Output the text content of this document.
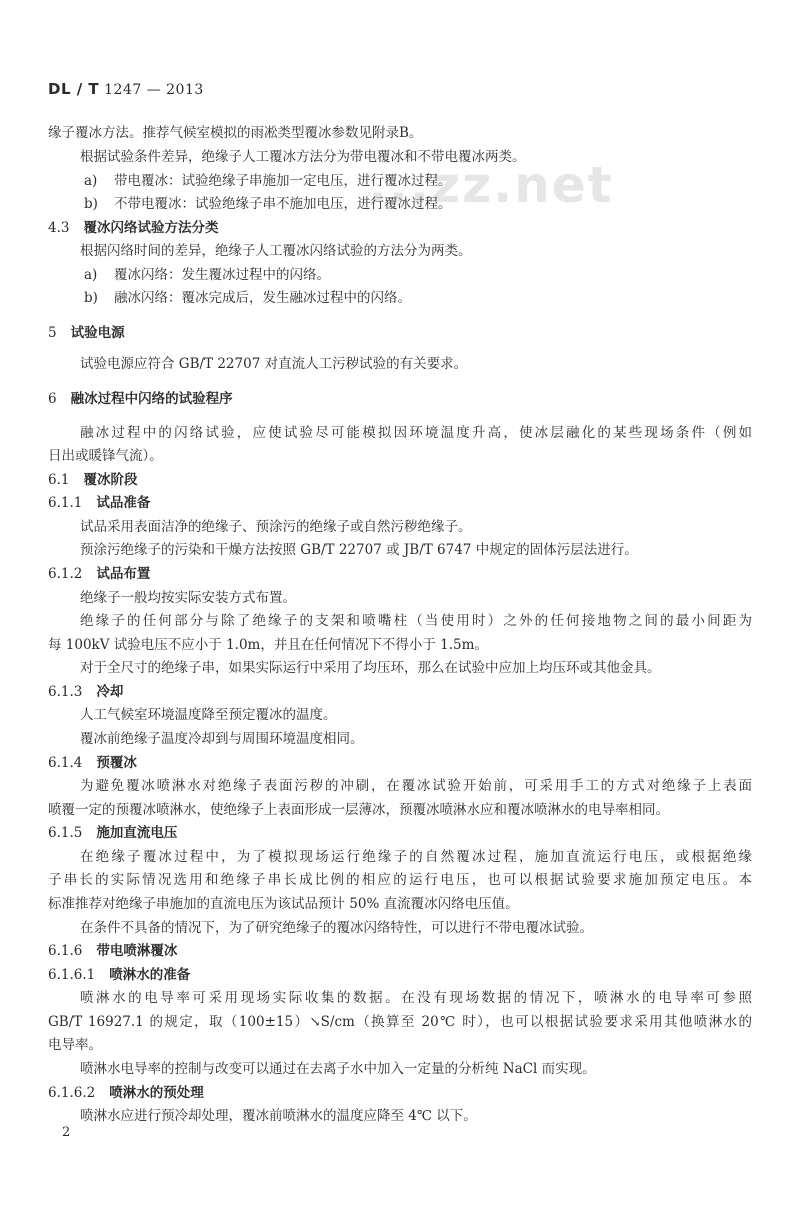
DL / T 1247 — 2013
...zz.net
缘子覆冰方法。推荐气候室模拟的雨凇类型覆冰参数见附录B。
根据试验条件差异，绝缘子人工覆冰方法分为带电覆冰和不带电覆冰两类。
a) 带电覆冰：试验绝缘子串施加一定电压，进行覆冰过程。
b) 不带电覆冰：试验绝缘子串不施加电压，进行覆冰过程。
4.3 覆冰闪络试验方法分类
根据闪络时间的差异，绝缘子人工覆冰闪络试验的方法分为两类。
a) 覆冰闪络：发生覆冰过程中的闪络。
b) 融冰闪络：覆冰完成后，发生融冰过程中的闪络。
5 试验电源
试验电源应符合 GB/T 22707 对直流人工污秽试验的有关要求。
6 融冰过程中闪络的试验程序
融冰过程中的闪络试验，应使试验尽可能模拟因环境温度升高，使冰层融化的某些现场条件（例如
日出或暖锋气流）。
6.1 覆冰阶段
6.1.1 试品准备
试品采用表面洁净的绝缘子、预涂污的绝缘子或自然污秽绝缘子。
预涂污绝缘子的污染和干燥方法按照 GB/T 22707 或 JB/T 6747 中规定的固体污层法进行。
6.1.2 试品布置
绝缘子一般均按实际安装方式布置。
绝缘子的任何部分与除了绝缘子的支架和喷嘴柱（当使用时）之外的任何接地物之间的最小间距为
每 100kV 试验电压不应小于 1.0m，并且在任何情况下不得小于 1.5m。
对于全尺寸的绝缘子串，如果实际运行中采用了均压环，那么在试验中应加上均压环或其他金具。
6.1.3 冷却
人工气候室环境温度降至预定覆冰的温度。
覆冰前绝缘子温度冷却到与周围环境温度相同。
6.1.4 预覆冰
为避免覆冰喷淋水对绝缘子表面污秽的冲刷，在覆冰试验开始前，可采用手工的方式对绝缘子上表面
喷覆一定的预覆冰喷淋水，使绝缘子上表面形成一层薄冰，预覆冰喷淋水应和覆冰喷淋水的电导率相同。
6.1.5 施加直流电压
在绝缘子覆冰过程中，为了模拟现场运行绝缘子的自然覆冰过程，施加直流运行电压，或根据绝缘
子串长的实际情况选用和绝缘子串长成比例的相应的运行电压，也可以根据试验要求施加预定电压。本
标准推荐对绝缘子串施加的直流电压为该试品预计 50% 直流覆冰闪络电压值。
在条件不具备的情况下，为了研究绝缘子的覆冰闪络特性，可以进行不带电覆冰试验。
6.1.6 带电喷淋覆冰
6.1.6.1 喷淋水的准备
喷淋水的电导率可采用现场实际收集的数据。在没有现场数据的情况下，喷淋水的电导率可参照
GB/T 16927.1 的规定，取（100±15）↘S/cm（换算至 20℃ 时），也可以根据试验要求采用其他喷淋水的
电导率。
喷淋水电导率的控制与改变可以通过在去离子水中加入一定量的分析纯 NaCl 而实现。
6.1.6.2 喷淋水的预处理
喷淋水应进行预冷却处理，覆冰前喷淋水的温度应降至 4℃ 以下。
2
